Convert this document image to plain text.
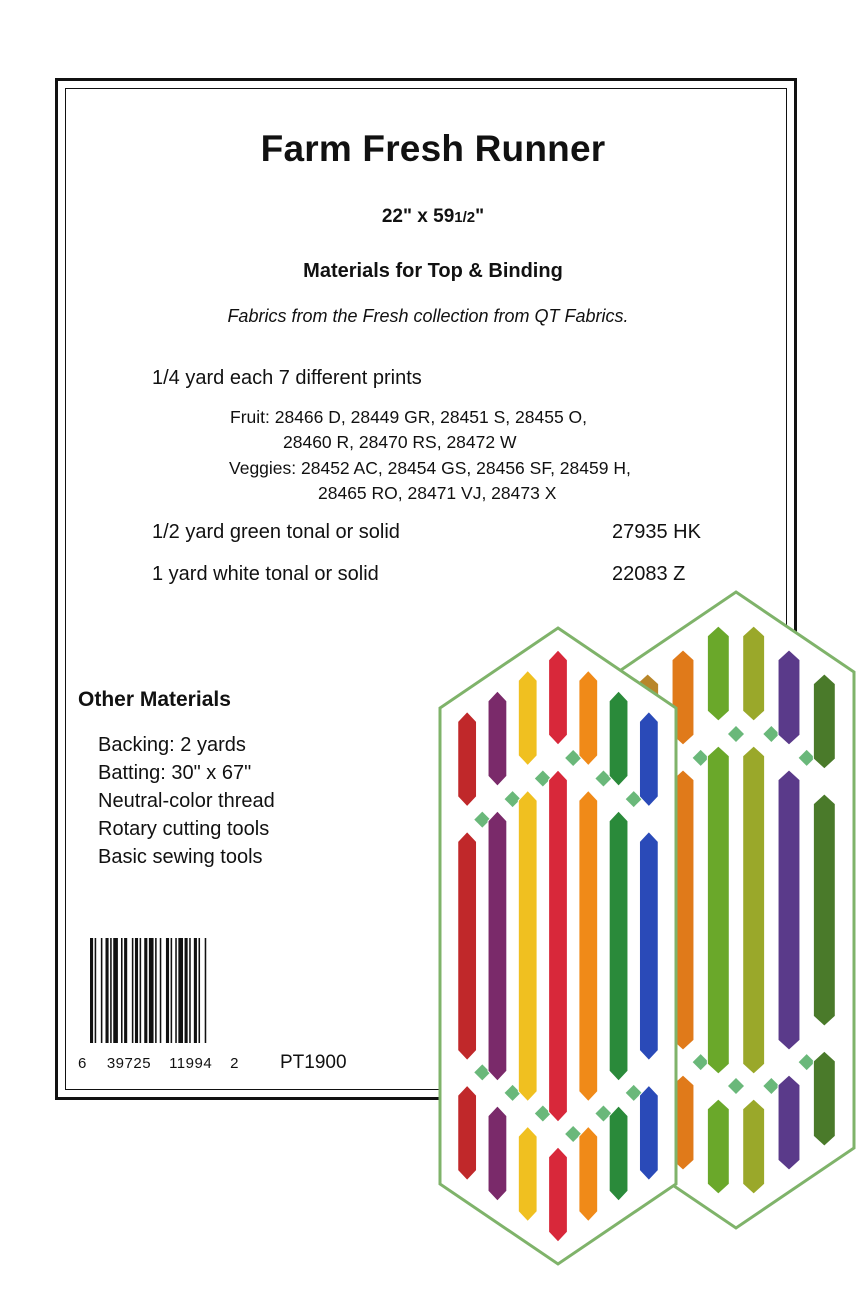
Farm Fresh Runner
22" x 591/2"
Materials for Top & Binding
Fabrics from the Fresh collection from QT Fabrics.
1/4 yard each 7 different prints
Fruit: 28466 D, 28449 GR, 28451 S, 28455 O,
28460 R, 28470 RS, 28472 W
Veggies: 28452 AC, 28454 GS, 28456 SF, 28459 H,
28465 RO, 28471 VJ, 28473 X
1/2 yard green tonal or solid	27935 HK
1 yard white tonal or solid	22083 Z
Other Materials
Backing: 2 yards
Batting: 30" x 67"
Neutral-color thread
Rotary cutting tools
Basic sewing tools
6 39725 11994 2 PT1900
